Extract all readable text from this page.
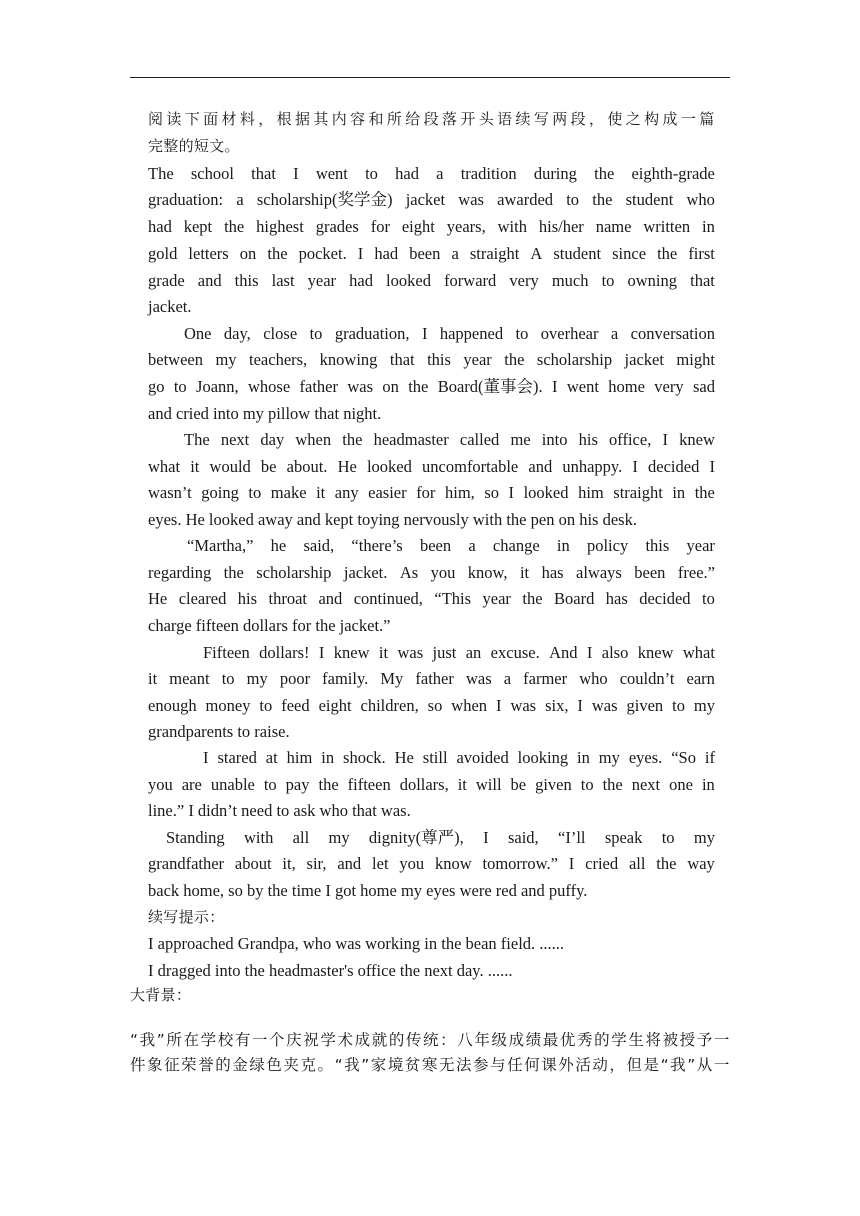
阅 读 下 面 材 料 ， 根 据 其 内 容 和 所 给 段 落 开 头 语 续 写 两 段 ， 使 之 构 成 一 篇
完整的短文。
The school that I went to had a tradition during the eighth-grade
graduation: a scholarship(奖学金) jacket was awarded to the student who
had kept the highest grades for eight years, with his/her name written in
gold letters on the pocket. I had been a straight A student since the first
grade and this last year had looked forward very much to owning that
jacket.
One day, close to graduation, I happened to overhear a conversation
between my teachers, knowing that this year the scholarship jacket might
go to Joann, whose father was on the Board(董事会). I went home very sad
and cried into my pillow that night.
The next day when the headmaster called me into his office, I knew
what it would be about. He looked uncomfortable and unhappy. I decided I
wasn’t going to make it any easier for him, so I looked him straight in the
eyes. He looked away and kept toying nervously with the pen on his desk.
“Martha,” he said, “there’s been a change in policy this year
regarding the scholarship jacket. As you know, it has always been free.”
He cleared his throat and continued, “This year the Board has decided to
charge fifteen dollars for the jacket.”
Fifteen dollars! I knew it was just an excuse. And I also knew what
it meant to my poor family. My father was a farmer who couldn’t earn
enough money to feed eight children, so when I was six, I was given to my
grandparents to raise.
I stared at him in shock. He still avoided looking in my eyes. “So if
you are unable to pay the fifteen dollars, it will be given to the next one in
line.” I didn’t need to ask who that was.
Standing with all my dignity(尊严), I said, “I’ll speak to my
grandfather about it, sir, and let you know tomorrow.” I cried all the way
back home, so by the time I got home my eyes were red and puffy.
续写提示：
I approached Grandpa, who was working in the bean field. ......
I dragged into the headmaster's office the next day. ......
大背景：
“ 我 ” 所 在 学 校 有 一 个 庆 祝 学 术 成 就 的 传 统 ： 八 年 级 成 绩 最 优 秀 的 学 生 将 被 授 予 一
件 象 征 荣 誉 的 金 绿 色 夹 克 。 “ 我 ” 家 境 贫 寒 无 法 参 与 任 何 课 外 活 动 ， 但 是 “ 我 ” 从 一
